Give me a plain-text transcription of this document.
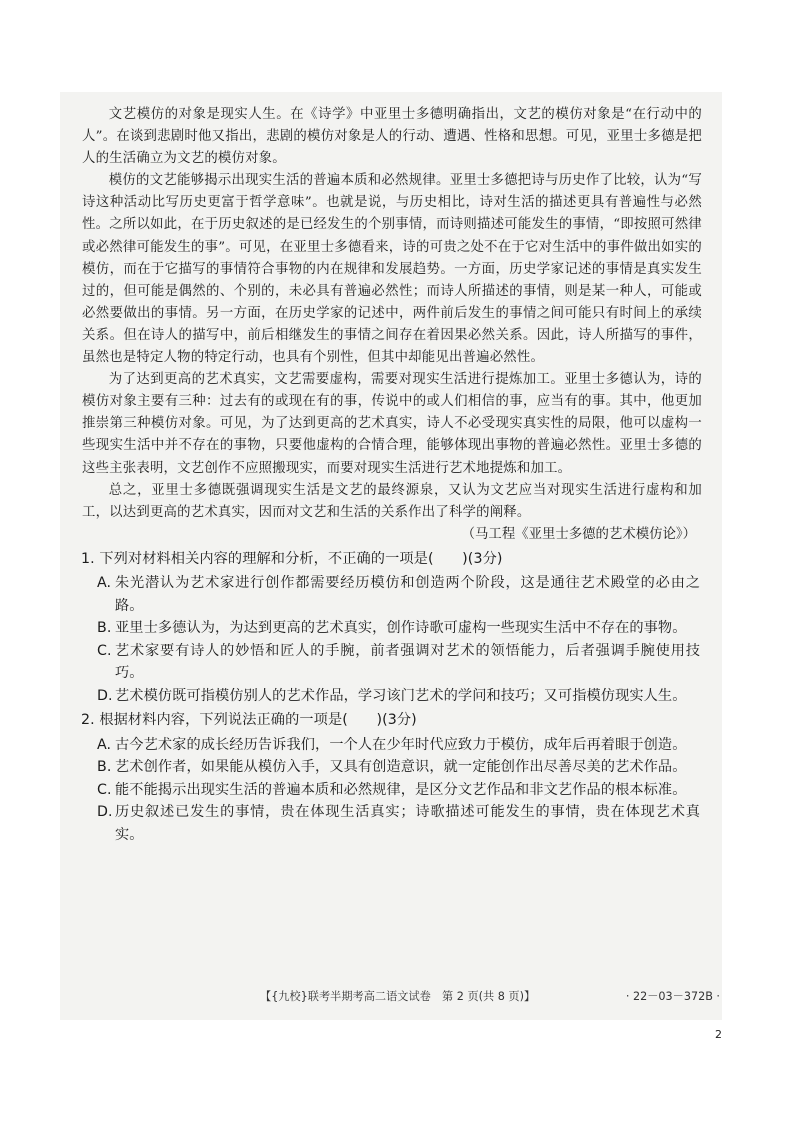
文艺模仿的对象是现实人生。在《诗学》中亚里士多德明确指出，文艺的模仿对象是“在行动中的人”。在谈到悲剧时他又指出，悲剧的模仿对象是人的行动、遭遇、性格和思想。可见，亚里士多德是把人的生活确立为文艺的模仿对象。

模仿的文艺能够揭示出现实生活的普遍本质和必然规律。亚里士多德把诗与历史作了比较，认为“写诗这种活动比写历史更富于哲学意味”。也就是说，与历史相比，诗对生活的描述更具有普遍性与必然性。之所以如此，在于历史叙述的是已经发生的个别事情，而诗则描述可能发生的事情，“即按照可然律或必然律可能发生的事”。可见，在亚里士多德看来，诗的可贵之处不在于它对生活中的事件做出如实的模仿，而在于它描写的事情符合事物的内在规律和发展趋势。一方面，历史学家记述的事情是真实发生过的，但可能是偶然的、个别的，未必具有普遍必然性；而诗人所描述的事情，则是某一种人，可能或必然要做出的事情。另一方面，在历史学家的记述中，两件前后发生的事情之间可能只有时间上的承续关系。但在诗人的描写中，前后相继发生的事情之间存在着因果必然关系。因此，诗人所描写的事件，虽然也是特定人物的特定行动，也具有个别性，但其中却能见出普遍必然性。

为了达到更高的艺术真实，文艺需要虚构，需要对现实生活进行提炼加工。亚里士多德认为，诗的模仿对象主要有三种：过去有的或现在有的事，传说中的或人们相信的事，应当有的事。其中，他更加推崇第三种模仿对象。可见，为了达到更高的艺术真实，诗人不必受现实真实性的局限，他可以虚构一些现实生活中并不存在的事物，只要他虚构的合情合理，能够体现出事物的普遍必然性。亚里士多德的这些主张表明，文艺创作不应照搬现实，而要对现实生活进行艺术地提炼和加工。

总之，亚里士多德既强调现实生活是文艺的最终源泉，又认为文艺应当对现实生活进行虚构和加工，以达到更高的艺术真实，因而对文艺和生活的关系作出了科学的阐释。

（马工程《亚里士多德的艺术模仿论》）

1. 下列对材料相关内容的理解和分析，不正确的一项是(　　)(3分)

A. 朱光潜认为艺术家进行创作都需要经历模仿和创造两个阶段，这是通往艺术殿堂的必由之路。
B. 亚里士多德认为，为达到更高的艺术真实，创作诗歌可虚构一些现实生活中不存在的事物。
C. 艺术家要有诗人的妙悟和匠人的手腕，前者强调对艺术的领悟能力，后者强调手腕使用技巧。
D. 艺术模仿既可指模仿别人的艺术作品，学习该门艺术的学问和技巧；又可指模仿现实人生。

2. 根据材料内容，下列说法正确的一项是(　　)(3分)

A. 古今艺术家的成长经历告诉我们，一个人在少年时代应致力于模仿，成年后再着眼于创造。
B. 艺术创作者，如果能从模仿入手，又具有创造意识，就一定能创作出尽善尽美的艺术作品。
C. 能不能揭示出现实生活的普遍本质和必然规律，是区分文艺作品和非文艺作品的根本标准。
D. 历史叙述已发生的事情，贵在体现生活真实；诗歌描述可能发生的事情，贵在体现艺术真实。
【{九校}联考半期考高二语文试卷　第 2 页(共 8 页)】	· 22－03－372B ·
2
